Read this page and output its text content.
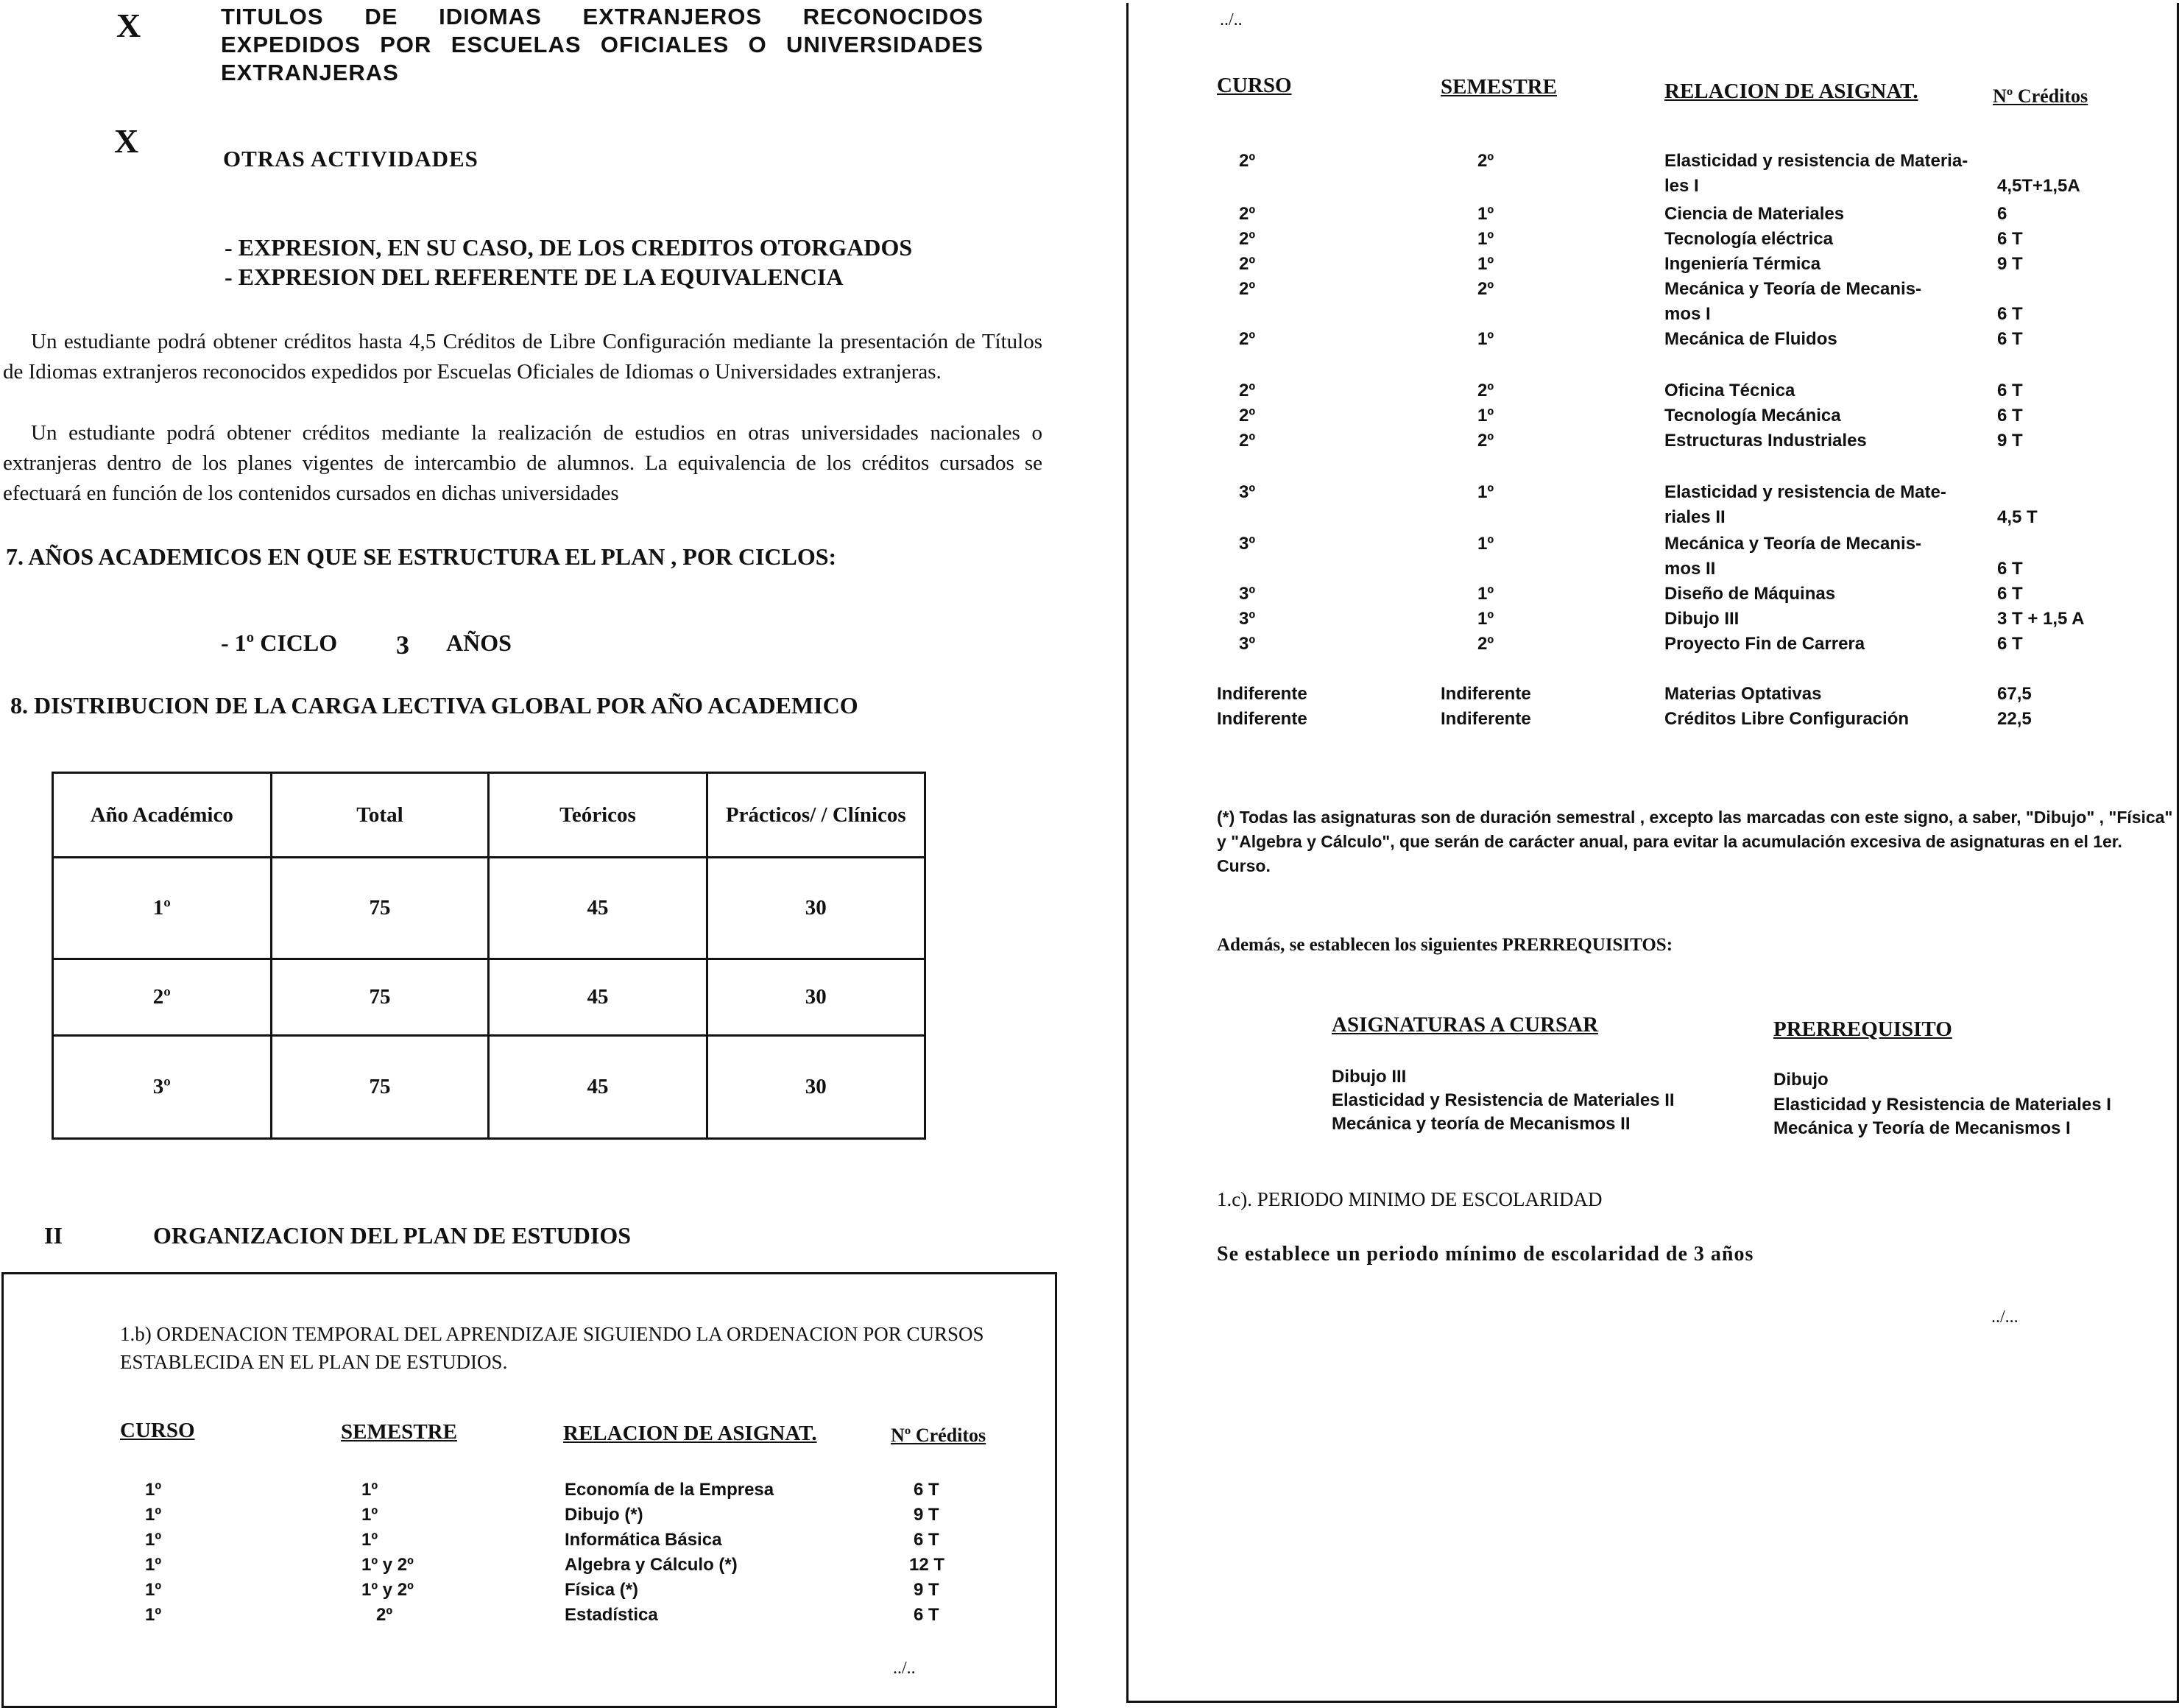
X	TITULOS DE IDIOMAS EXTRANJEROS RECONOCIDOS EXPEDIDOS POR ESCUELAS OFICIALES O UNIVERSIDADES EXTRANJERAS
X	OTRAS ACTIVIDADES
- EXPRESION, EN SU CASO, DE LOS CREDITOS OTORGADOS
- EXPRESION DEL REFERENTE DE LA EQUIVALENCIA
Un estudiante podrá obtener créditos hasta 4,5 Créditos de Libre Configuración mediante la presentación de Títulos de Idiomas extranjeros reconocidos expedidos por Escuelas Oficiales de Idiomas o Universidades extranjeras.
Un estudiante podrá obtener créditos mediante la realización de estudios en otras universidades nacionales o extranjeras dentro de los planes vigentes de intercambio de alumnos. La equivalencia de los créditos cursados se efectuará en función de los contenidos cursados en dichas universidades
7. AÑOS ACADEMICOS EN QUE SE ESTRUCTURA EL PLAN , POR CICLOS:
- 1º CICLO 3 AÑOS
8. DISTRIBUCION DE LA CARGA LECTIVA GLOBAL POR AÑO ACADEMICO
Año Académico	Total	Teóricos	Prácticos/ / Clínicos
1º	75	45	30
2º	75	45	30
3º	75	45	30
II	ORGANIZACION DEL PLAN DE ESTUDIOS
1.b) ORDENACION TEMPORAL DEL APRENDIZAJE SIGUIENDO LA ORDENACION POR CURSOS ESTABLECIDA EN EL PLAN DE ESTUDIOS.
CURSO	SEMESTRE	RELACION DE ASIGNAT.	Nº Créditos
1º	1º	Economía de la Empresa	6 T
1º	1º	Dibujo (*)	9 T
1º	1º	Informática Básica	6 T
1º	1º y 2º	Algebra y Cálculo (*)	12 T
1º	1º y 2º	Física (*)	9 T
1º	2º	Estadística	6 T
../..
../..
CURSO	SEMESTRE	RELACION DE ASIGNAT.	Nº Créditos
2º	2º	Elasticidad y resistencia de Materia-
les I	4,5T+1,5A
2º	1º	Ciencia de Materiales	6
2º	1º	Tecnología eléctrica	6 T
2º	1º	Ingeniería Térmica	9 T
2º	2º	Mecánica y Teoría de Mecanis-
mos I	6 T
2º	1º	Mecánica de Fluidos	6 T
2º	2º	Oficina Técnica	6 T
2º	1º	Tecnología Mecánica	6 T
2º	2º	Estructuras Industriales	9 T
3º	1º	Elasticidad y resistencia de Mate-
riales II	4,5 T
3º	1º	Mecánica y Teoría de Mecanis-
mos II	6 T
3º	1º	Diseño de Máquinas	6 T
3º	1º	Dibujo III	3 T + 1,5 A
3º	2º	Proyecto Fin de Carrera	6 T
Indiferente	Indiferente	Materias Optativas	67,5
Indiferente	Indiferente	Créditos Libre Configuración	22,5
(*) Todas las asignaturas son de duración semestral , excepto las marcadas con este signo, a saber, "Dibujo" , "Física" y "Algebra y Cálculo", que serán de carácter anual, para evitar la acumulación excesiva de asignaturas en el 1er. Curso.
Además, se establecen los siguientes PRERREQUISITOS:
ASIGNATURAS A CURSAR	PRERREQUISITO
Dibujo III	Dibujo
Elasticidad y Resistencia de Materiales II	Elasticidad y Resistencia de Materiales I
Mecánica y teoría de Mecanismos II	Mecánica y Teoría de Mecanismos I
1.c). PERIODO MINIMO DE ESCOLARIDAD
Se establece un periodo mínimo de escolaridad de 3 años
../...
